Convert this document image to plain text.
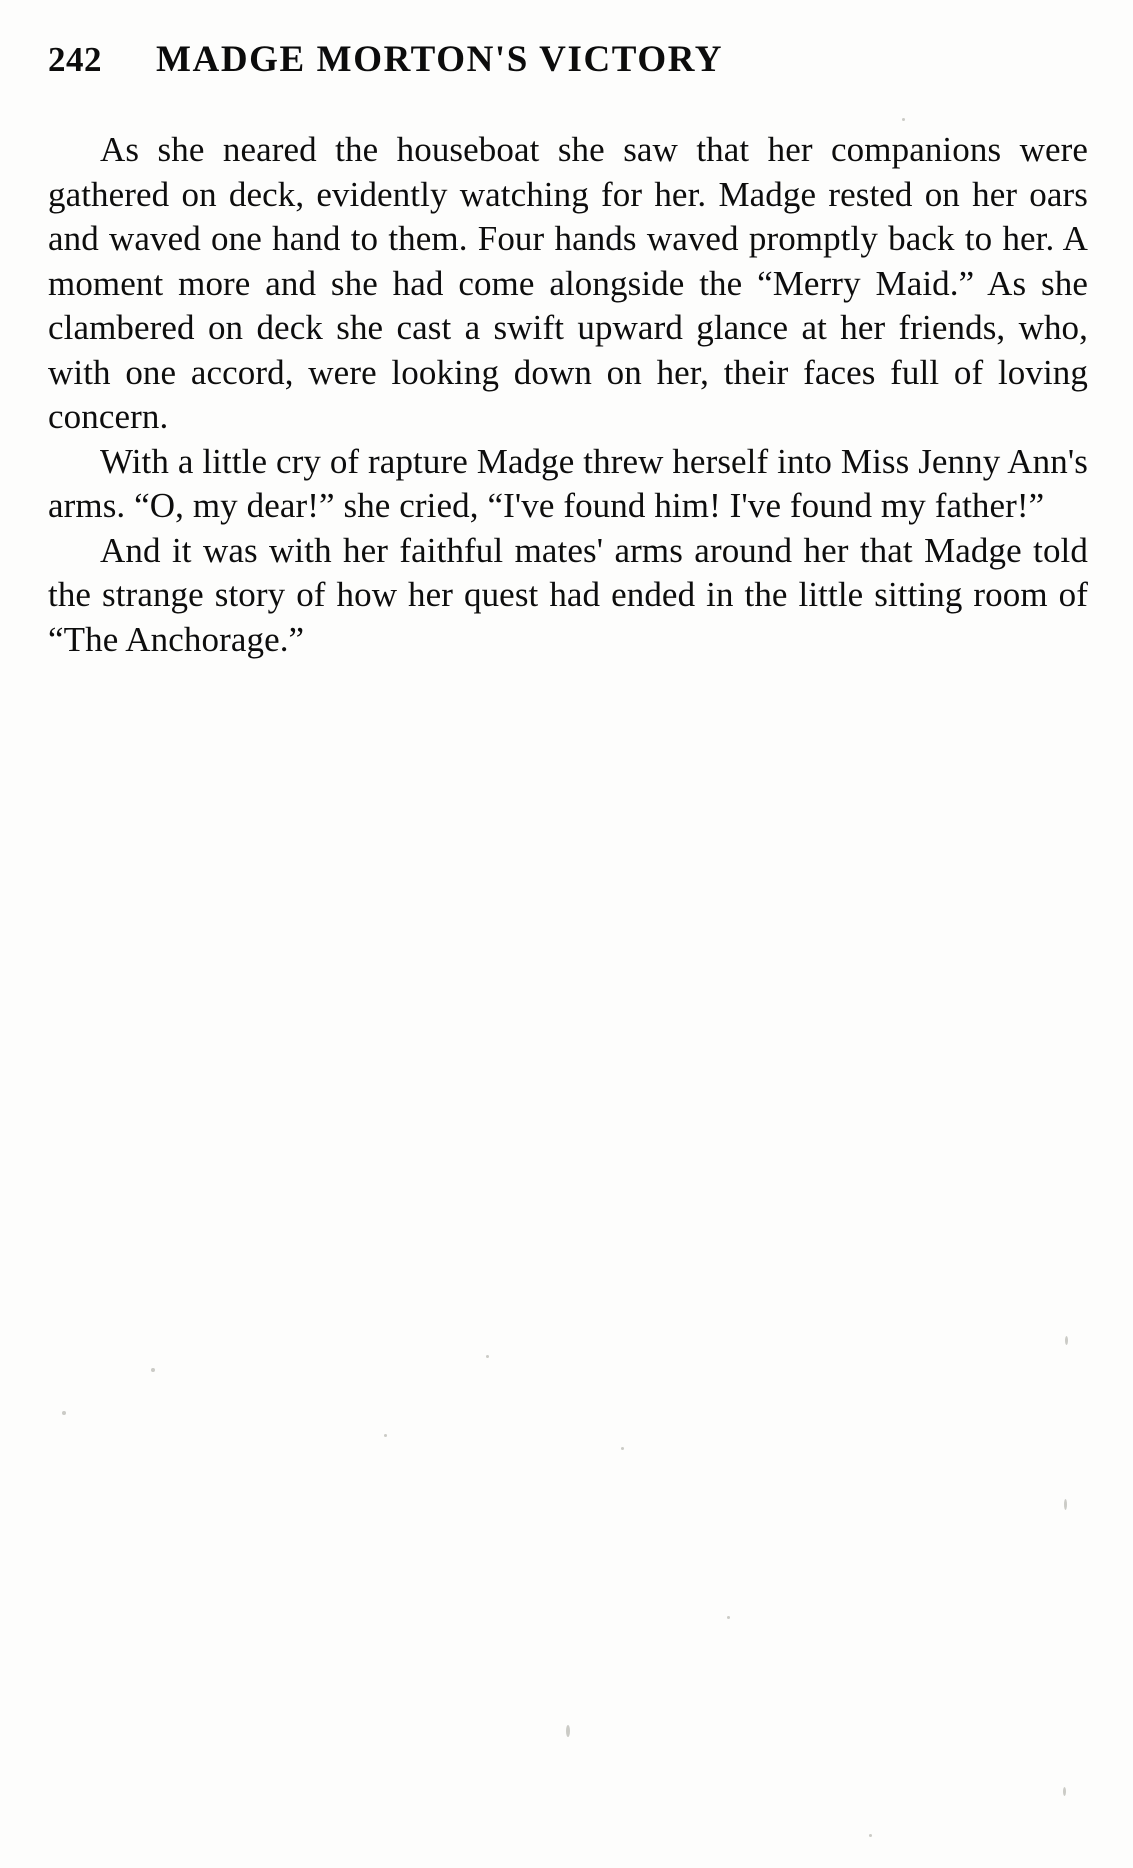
242 MADGE MORTON'S VICTORY

As she neared the houseboat she saw that her companions were gathered on deck, evidently watching for her. Madge rested on her oars and waved one hand to them. Four hands waved promptly back to her. A moment more and she had come alongside the “Merry Maid.” As she clambered on deck she cast a swift upward glance at her friends, who, with one accord, were looking down on her, their faces full of loving concern.

With a little cry of rapture Madge threw herself into Miss Jenny Ann's arms. “O, my dear!” she cried, “I've found him! I've found my father!”

And it was with her faithful mates' arms around her that Madge told the strange story of how her quest had ended in the little sitting room of “The Anchorage.”
